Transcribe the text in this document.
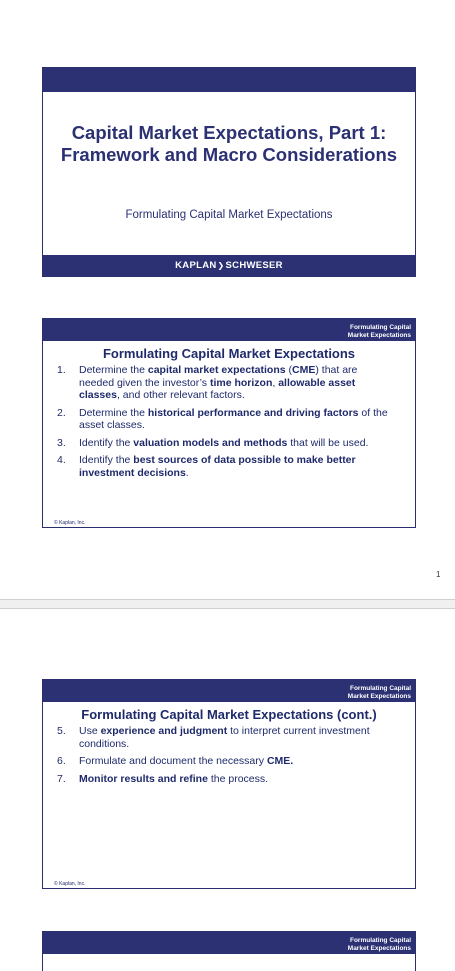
Capital Market Expectations, Part 1: Framework and Macro Considerations
Formulating Capital Market Expectations
KAPLAN ❯ SCHWESER
Formulating Capital
Market Expectations
Formulating Capital Market Expectations
1.	Determine the capital market expectations (CME) that are needed given the investor’s time horizon, allowable asset classes, and other relevant factors.
2.	Determine the historical performance and driving factors of the asset classes.
3.	Identify the valuation models and methods that will be used.
4.	Identify the best sources of data possible to make better investment decisions.
© Kaplan, Inc.
1
Formulating Capital
Market Expectations
Formulating Capital Market Expectations (cont.)
5.	Use experience and judgment to interpret current investment conditions.
6.	Formulate and document the necessary CME.
7.	Monitor results and refine the process.
© Kaplan, Inc.
Formulating Capital
Market Expectations
